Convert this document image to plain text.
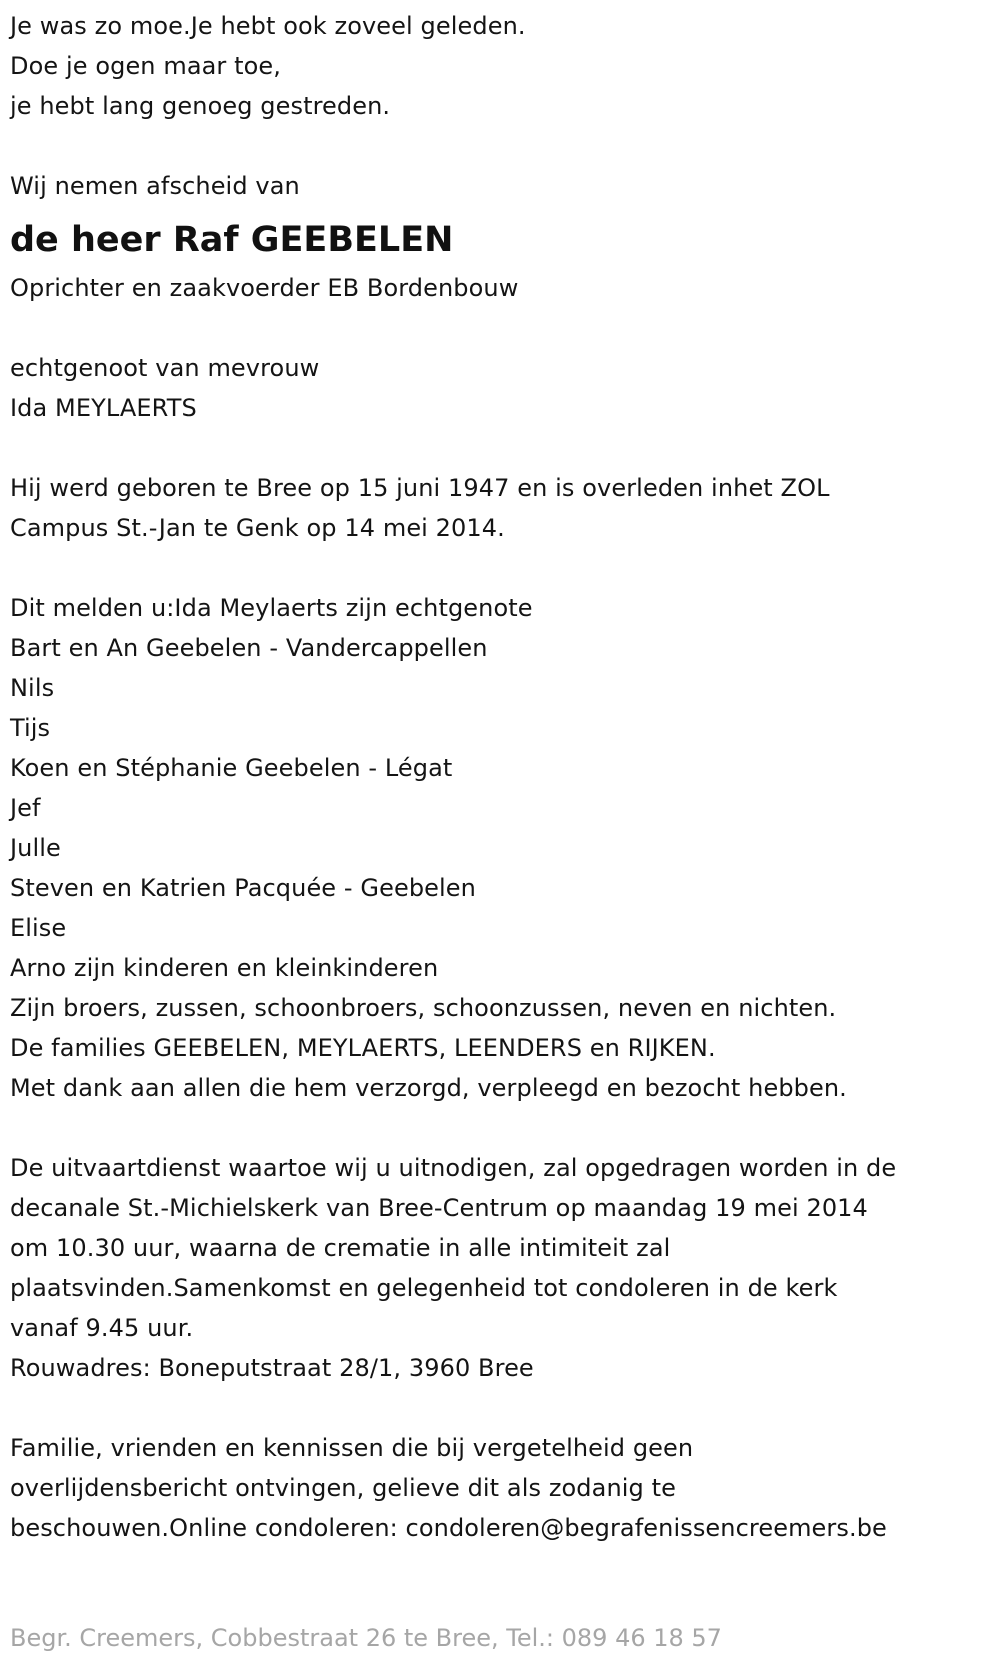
Je was zo moe.Je hebt ook zoveel geleden.
Doe je ogen maar toe,
je hebt lang genoeg gestreden.
Wij nemen afscheid van
de heer Raf GEEBELEN
Oprichter en zaakvoerder EB Bordenbouw
echtgenoot van mevrouw
Ida MEYLAERTS
Hij werd geboren te Bree op 15 juni 1947 en is overleden inhet ZOL
Campus St.-Jan te Genk op 14 mei 2014.
Dit melden u:Ida Meylaerts zijn echtgenote
Bart en An Geebelen - Vandercappellen
Nils
Tijs
Koen en Stéphanie Geebelen - Légat
Jef
Julle
Steven en Katrien Pacquée - Geebelen
Elise
Arno zijn kinderen en kleinkinderen
Zijn broers, zussen, schoonbroers, schoonzussen, neven en nichten.
De families GEEBELEN, MEYLAERTS, LEENDERS en RIJKEN.
Met dank aan allen die hem verzorgd, verpleegd en bezocht hebben.
De uitvaartdienst waartoe wij u uitnodigen, zal opgedragen worden in de
decanale St.-Michielskerk van Bree-Centrum op maandag 19 mei 2014
om 10.30 uur, waarna de crematie in alle intimiteit zal
plaatsvinden.Samenkomst en gelegenheid tot condoleren in de kerk
vanaf 9.45 uur.
Rouwadres: Boneputstraat 28/1, 3960 Bree
Familie, vrienden en kennissen die bij vergetelheid geen
overlijdensbericht ontvingen, gelieve dit als zodanig te
beschouwen.Online condoleren: condoleren@begrafenissencreemers.be
Begr. Creemers, Cobbestraat 26 te Bree, Tel.: 089 46 18 57
